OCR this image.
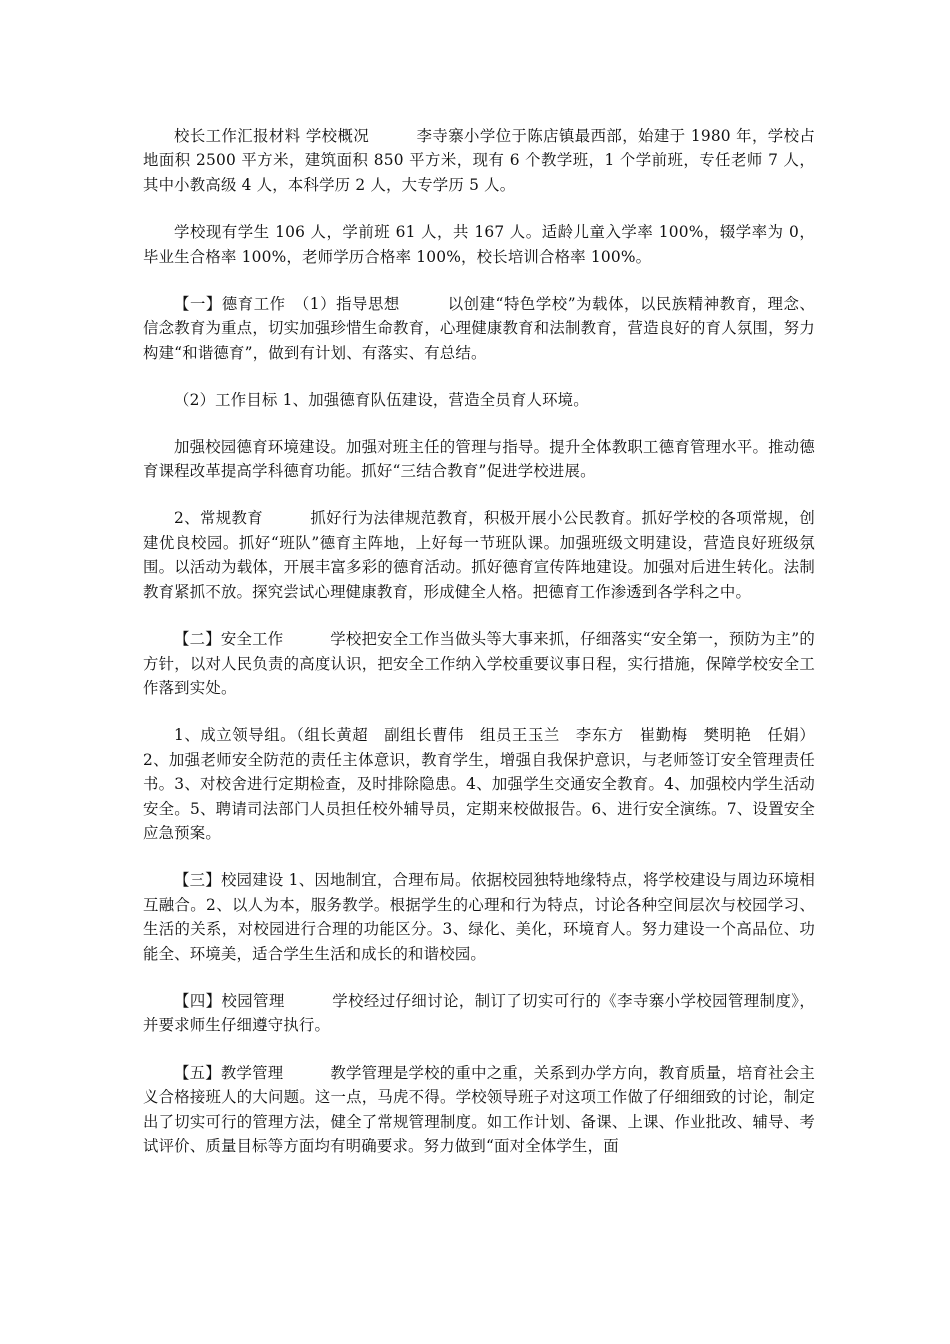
校长工作汇报材料 学校概况　　　李寺寨小学位于陈店镇最西部，始建于 1980 年，学校占地面积 2500 平方米，建筑面积 850 平方米，现有 6 个教学班，1 个学前班，专任老师 7 人，其中小教高级 4 人，本科学历 2 人，大专学历 5 人。

学校现有学生 106 人，学前班 61 人，共 167 人。适龄儿童入学率 100%，辍学率为 0，毕业生合格率 100%，老师学历合格率 100%，校长培训合格率 100%。

【一】德育工作　（1）指导思想　　　以创建“特色学校”为载体，以民族精神教育，理念、信念教育为重点，切实加强珍惜生命教育，心理健康教育和法制教育，营造良好的育人氛围，努力构建“和谐德育”，做到有计划、有落实、有总结。

（2）工作目标 1、加强德育队伍建设，营造全员育人环境。

加强校园德育环境建设。加强对班主任的管理与指导。提升全体教职工德育管理水平。推动德育课程改革提高学科德育功能。抓好“三结合教育”促进学校进展。

2、常规教育　　　抓好行为法律规范教育，积极开展小公民教育。抓好学校的各项常规，创建优良校园。抓好“班队”德育主阵地，上好每一节班队课。加强班级文明建设，营造良好班级氛围。以活动为载体，开展丰富多彩的德育活动。抓好德育宣传阵地建设。加强对后进生转化。法制教育紧抓不放。探究尝试心理健康教育，形成健全人格。把德育工作渗透到各学科之中。

【二】安全工作　　　学校把安全工作当做头等大事来抓，仔细落实“安全第一，预防为主”的方针，以对人民负责的高度认识，把安全工作纳入学校重要议事日程，实行措施，保障学校安全工作落到实处。

1、成立领导组。（组长黄超　副组长曹伟　组员王玉兰　李东方　崔勤梅　樊明艳　任娟）2、加强老师安全防范的责任主体意识，教育学生，增强自我保护意识，与老师签订安全管理责任书。3、对校舍进行定期检查，及时排除隐患。4、加强学生交通安全教育。4、加强校内学生活动安全。5、聘请司法部门人员担任校外辅导员，定期来校做报告。6、进行安全演练。7、设置安全应急预案。

【三】校园建设 1、因地制宜，合理布局。依据校园独特地缘特点，将学校建设与周边环境相互融合。2、以人为本，服务教学。根据学生的心理和行为特点，讨论各种空间层次与校园学习、生活的关系，对校园进行合理的功能区分。3、绿化、美化，环境育人。努力建设一个高品位、功能全、环境美，适合学生生活和成长的和谐校园。

【四】校园管理　　　学校经过仔细讨论，制订了切实可行的《李寺寨小学校园管理制度》，并要求师生仔细遵守执行。

【五】教学管理　　　教学管理是学校的重中之重，关系到办学方向，教育质量，培育社会主义合格接班人的大问题。这一点，马虎不得。学校领导班子对这项工作做了仔细细致的讨论，制定出了切实可行的管理方法，健全了常规管理制度。如工作计划、备课、上课、作业批改、辅导、考试评价、质量目标等方面均有明确要求。努力做到“面对全体学生，面
